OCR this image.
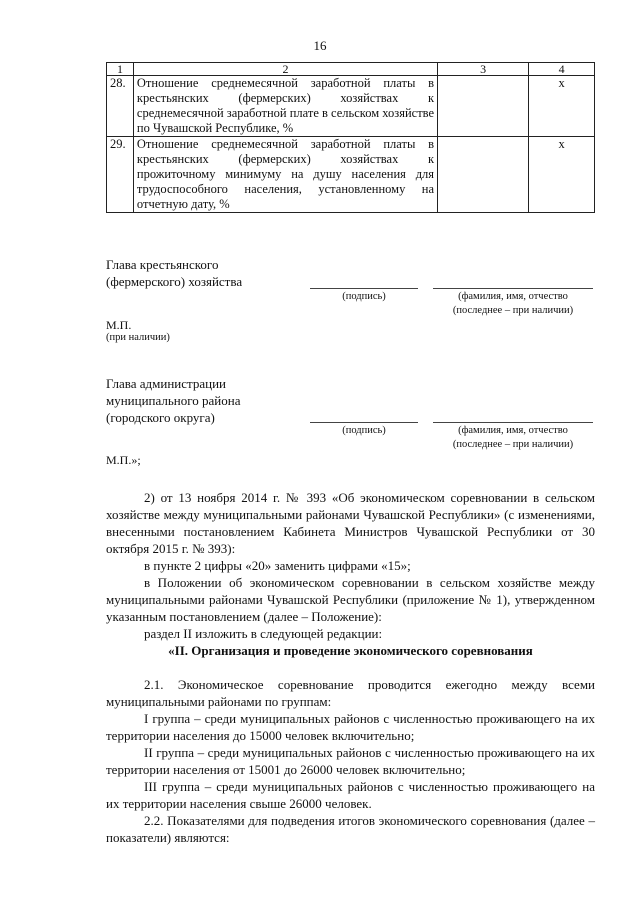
16
1	2	3	4
28.	Отношение среднемесячной заработной платы в крестьянских (фермерских) хозяйствах к среднемесячной заработной плате в сельском хозяйстве по Чувашской Республике, %		x
29.	Отношение среднемесячной заработной платы в крестьянских (фермерских) хозяйствах к прожиточному минимуму на душу населения для трудоспособного населения, установленному на отчетную дату, %		x
Глава крестьянского
(фермерского) хозяйства
(подпись)	(фамилия, имя, отчество
(последнее – при наличии)
М.П.
(при наличии)
Глава администрации
муниципального района
(городского округа)
(подпись)	(фамилия, имя, отчество
(последнее – при наличии)
М.П.»;

2) от 13 ноября 2014 г. № 393 «Об экономическом соревновании в сельском хозяйстве между муниципальными районами Чувашской Республики» (с изменениями, внесенными постановлением Кабинета Министров Чувашской Республики от 30 октября 2015 г. № 393):

в пункте 2 цифры «20» заменить цифрами «15»;

в Положении об экономическом соревновании в сельском хозяйстве между муниципальными районами Чувашской Республики (приложение № 1), утвержденном указанным постановлением (далее – Положение):

раздел II изложить в следующей редакции:

«II. Организация и проведение экономического соревнования

2.1. Экономическое соревнование проводится ежегодно между всеми муниципальными районами по группам:

I группа – среди муниципальных районов с численностью проживающего на их территории населения до 15000 человек включительно;

II группа – среди муниципальных районов с численностью проживающего на их территории населения от 15001 до 26000 человек включительно;

III группа – среди муниципальных районов с численностью проживающего на их территории населения свыше 26000 человек.

2.2. Показателями для подведения итогов экономического соревнования (далее – показатели) являются:
